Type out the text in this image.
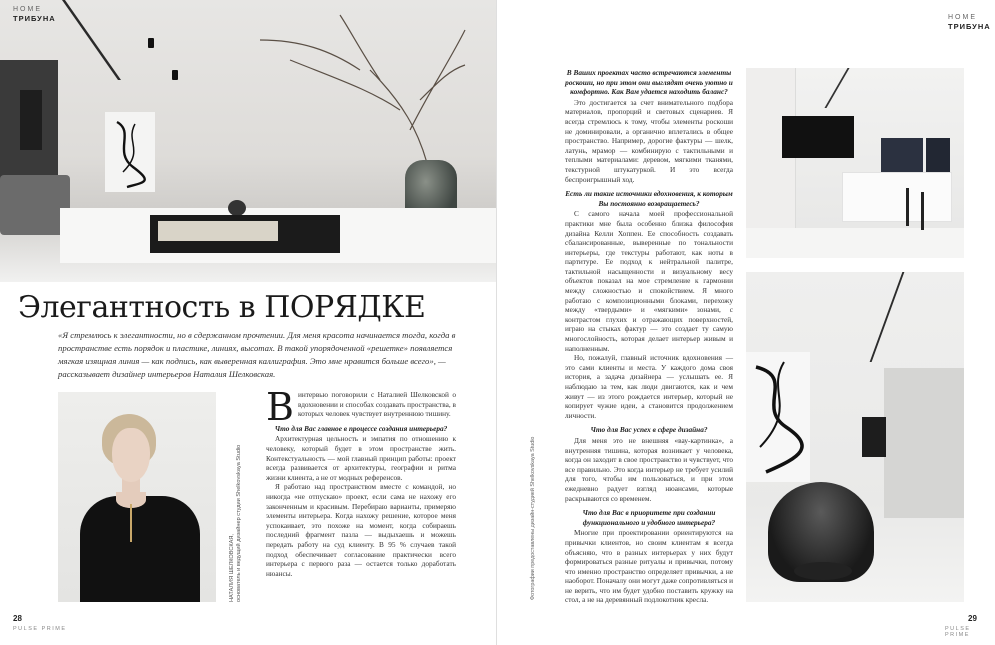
HOME
ТРИБУНА
Элегантность в ПОРЯДКЕ

«Я стремлюсь к элегантности, но в сдержанном прочтении. Для меня красота начинается тогда, когда в пространстве есть порядок и пластике, линиях, высотах. В такой упорядоченной «решетке» появляется мягкая изящная линия — как подпись, как выверенная каллиграфия. Это мне нравится больше всего», — рассказывает дизайнер интерьеров Наталия Шелковская.

НАТАЛИЯ ШЕЛКОВСКАЯ, основатель и ведущий дизайнер студии Shelkovskaya Studio

В интервью поговорили с Наталией Шелковской о вдохновении и способах создавать пространства, в которых человек чувствует внутреннюю тишину.

Что для Вас главное в процессе создания интерьера?

Архитектурная цельность и эмпатия по отношению к человеку, который будет в этом пространстве жить. Контекстуальность — мой главный принцип работы: проект всегда развивается от архитектуры, географии и ритма жизни клиента, а не от модных референсов.

Я работаю над пространством вместе с командой, но никогда «не отпускаю» проект, если сама не нахожу его законченным и красивым. Перебираю варианты, примеряю элементы интерьера. Когда нахожу решение, которое меня успокаивает, это похоже на момент, когда собираешь последний фрагмент пазла — выдыхаешь и можешь передать работу на суд клиенту. В 95 % случаев такой подход обеспечивает согласование практически всего интерьера с первого раза — остается только доработать нюансы.

28
PULSE PRIME
HOME
ТРИБУНА
Фотографии предоставлены дизайн-студией Shelkovskaya Studio

В Ваших проектах часто встречаются элементы роскоши, но при этом они выглядят очень уютно и комфортно. Как Вам удается находить баланс?

Это достигается за счет внимательного подбора материалов, пропорций и световых сценариев. Я всегда стремлюсь к тому, чтобы элементы роскоши не доминировали, а органично вплетались в общее пространство. Например, дорогие фактуры — шелк, латунь, мрамор — комбинирую с тактильными и теплыми материалами: деревом, мягкими тканями, текстурной штукатуркой. И это всегда беспроигрышный ход.

Есть ли такие источники вдохновения, к которым Вы постоянно возвращаетесь?

С самого начала моей профессиональной практики мне была особенно близка философия дизайна Келли Хоппен. Ее способность создавать сбалансированные, выверенные по тональности интерьеры, где текстуры работают, как ноты в партитуре. Ее подход к нейтральной палитре, тактильной насыщенности и визуальному весу объектов показал на мое стремление к гармонии между сложностью и спокойствием. Я много работаю с композиционными блоками, перехожу между «твердыми» и «мягкими» зонами, с контрастом глухих и отражающих поверхностей, играю на стыках фактур — это создает ту самую многослойность, которая делает интерьер живым и наполненным.

Но, пожалуй, главный источник вдохновения — это сами клиенты и места. У каждого дома своя история, а задача дизайнера — услышать ее. Я наблюдаю за тем, как люди двигаются, как и чем живут — из этого рождается интерьер, который не копирует чужие идеи, а становится продолжением личности.

Что для Вас успех в сфере дизайна?

Для меня это не внешняя «вау-картинка», а внутренняя тишина, которая возникает у человека, когда он заходит в свое пространство и чувствует, что все правильно. Это когда интерьер не требует усилий для того, чтобы им пользоваться, и при этом ежедневно радует взгляд нюансами, которые раскрываются со временем.

Что для Вас в приоритете при создании функционального и удобного интерьера?

Многие при проектировании ориентируются на привычки клиентов, но своим клиентам я всегда объясняю, что в разных интерьерах у них будут формироваться разные ритуалы и привычки, потому что именно пространство определяет привычки, а не наоборот. Поначалу они могут даже сопротивляться и не верить, что им будет удобно поставить кружку на стол, а не на деревянный подлокотник кресла.

29
PULSE PRIME
